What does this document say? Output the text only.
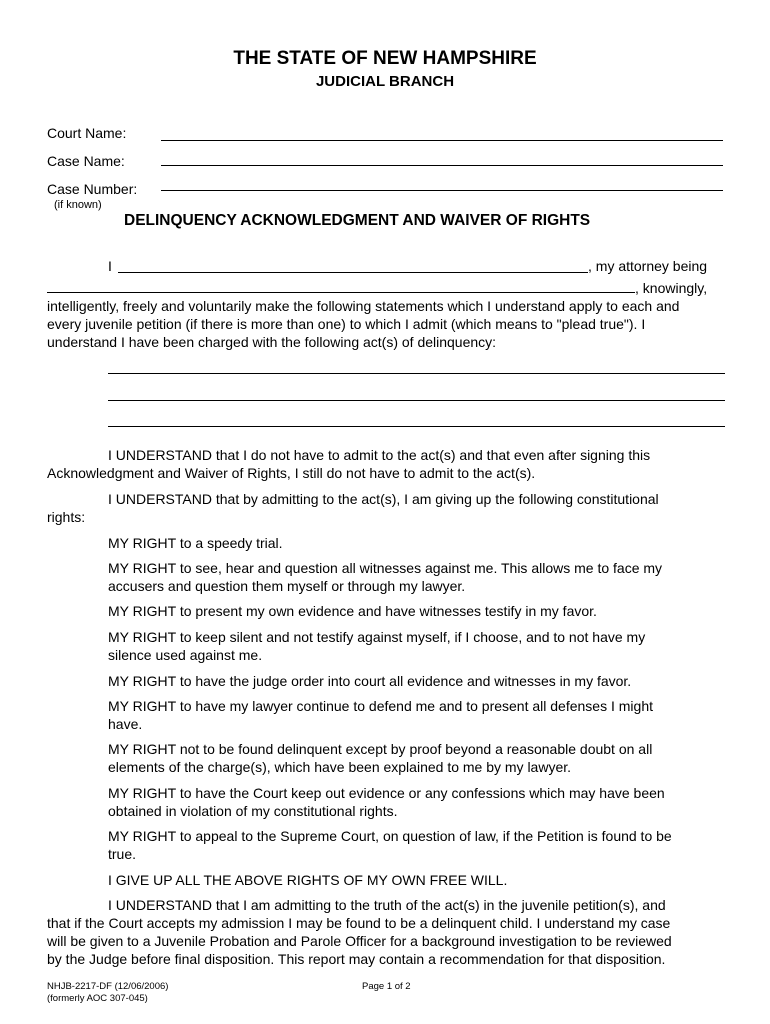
THE STATE OF NEW HAMPSHIRE
JUDICIAL BRANCH
Court Name:
Case Name:
Case Number:
(if known)
DELINQUENCY ACKNOWLEDGMENT AND WAIVER OF RIGHTS
I	, my attorney being
, knowingly,
intelligently, freely and voluntarily make the following statements which I understand apply to each and
every juvenile petition (if there is more than one) to which I admit (which means to "plead true"). I
understand I have been charged with the following act(s) of delinquency:
I UNDERSTAND that I do not have to admit to the act(s) and that even after signing this
Acknowledgment and Waiver of Rights, I still do not have to admit to the act(s).
I UNDERSTAND that by admitting to the act(s), I am giving up the following constitutional
rights:
MY RIGHT to a speedy trial.
MY RIGHT to see, hear and question all witnesses against me. This allows me to face my
accusers and question them myself or through my lawyer.
MY RIGHT to present my own evidence and have witnesses testify in my favor.
MY RIGHT to keep silent and not testify against myself, if I choose, and to not have my
silence used against me.
MY RIGHT to have the judge order into court all evidence and witnesses in my favor.
MY RIGHT to have my lawyer continue to defend me and to present all defenses I might
have.
MY RIGHT not to be found delinquent except by proof beyond a reasonable doubt on all
elements of the charge(s), which have been explained to me by my lawyer.
MY RIGHT to have the Court keep out evidence or any confessions which may have been
obtained in violation of my constitutional rights.
MY RIGHT to appeal to the Supreme Court, on question of law, if the Petition is found to be
true.
I GIVE UP ALL THE ABOVE RIGHTS OF MY OWN FREE WILL.
I UNDERSTAND that I am admitting to the truth of the act(s) in the juvenile petition(s), and
that if the Court accepts my admission I may be found to be a delinquent child. I understand my case
will be given to a Juvenile Probation and Parole Officer for a background investigation to be reviewed
by the Judge before final disposition. This report may contain a recommendation for that disposition.
NHJB-2217-DF (12/06/2006)
(formerly AOC 307-045)
Page 1 of 2
